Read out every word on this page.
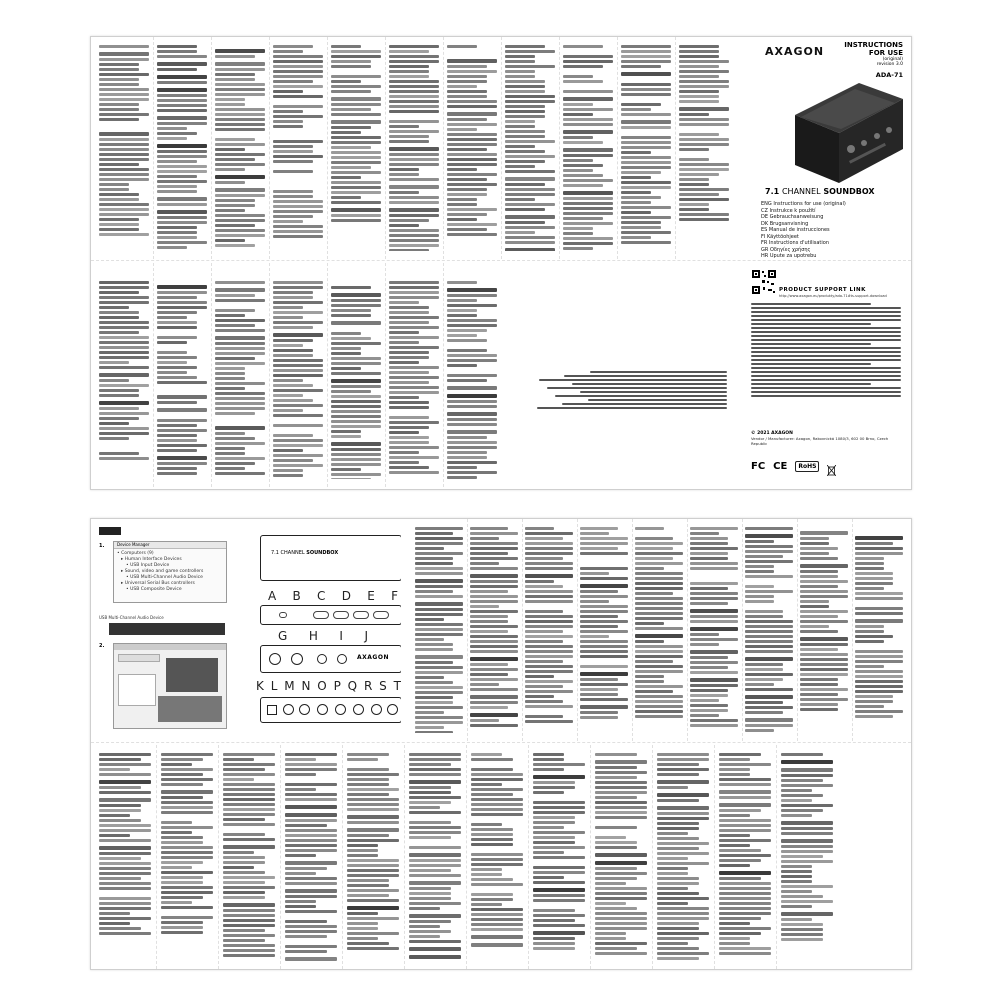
AXAGON	INSTRUCTIONS FOR USE
(original)
revision 3.0
ADA-71
7.1 CHANNEL SOUNDBOX
ENG Instructions for use (original)
CZ Instrukce k použití
DE Gebrauchsanweisung
DK Brugsanvisning
ES Manual de instrucciones
FI Käyttöohjeet
FR Instructions d'utilisation
GR Οδηγίες χρήσης
HR Upute za upotrebu
PRODUCT SUPPORT LINK
http://www.axagon.eu/produkty/ada-71#ts-support-download
© 2021 AXAGON
Vendor / Manufacturer: Axagon, Rakovnická 1080/3, 602 00 Brno, Czech Republic
FC CE	RoHS
1.	Device Manager
• Computers (9)
▸ Human Interface Devices
• USB Input Device
▸ Sound, video and game controllers
• USB Multi-Channel Audio Device
▸ Universal Serial Bus controllers
• USB Composite Device
USB Multi-Channel Audio Device
2.
7.1 CHANNEL SOUNDBOX
A B C D E F
G H I J
AXAGON
K L M N O P Q R S T
